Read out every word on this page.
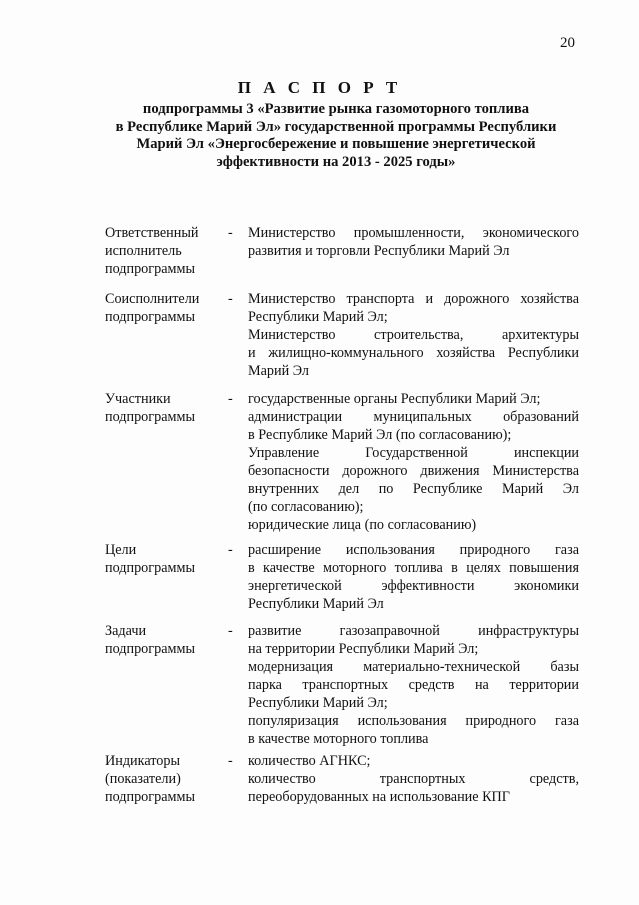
20
П А С П О Р Т
подпрограммы 3 «Развитие рынка газомоторного топлива
в Республике Марий Эл» государственной программы Республики
Марий Эл «Энергосбережение и повышение энергетической
эффективности на 2013 - 2025 годы»
Ответственный
исполнитель
подпрограммы
- Министерство промышленности, экономического
развития и торговли Республики Марий Эл
Соисполнители
подпрограммы
- Министерство транспорта и дорожного хозяйства
Республики Марий Эл;
Министерство строительства, архитектуры
и жилищно-коммунального хозяйства Республики
Марий Эл
Участники
подпрограммы
- государственные органы Республики Марий Эл;
администрации муниципальных образований
в Республике Марий Эл (по согласованию);
Управление Государственной инспекции
безопасности дорожного движения Министерства
внутренних дел по Республике Марий Эл
(по согласованию);
юридические лица (по согласованию)
Цели
подпрограммы
- расширение использования природного газа
в качестве моторного топлива в целях повышения
энергетической эффективности экономики
Республики Марий Эл
Задачи
подпрограммы
- развитие газозаправочной инфраструктуры
на территории Республики Марий Эл;
модернизация материально-технической базы
парка транспортных средств на территории
Республики Марий Эл;
популяризация использования природного газа
в качестве моторного топлива
Индикаторы
(показатели)
подпрограммы
- количество АГНКС;
количество транспортных средств,
переоборудованных на использование КПГ
